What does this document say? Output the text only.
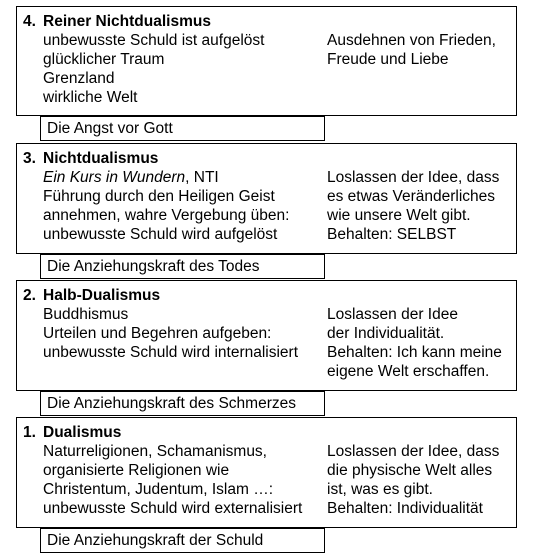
4. Reiner Nichtdualismus
unbewusste Schuld ist aufgelöst
glücklicher Traum
Grenzland
wirkliche Welt
Ausdehnen von Frieden,
Freude und Liebe
Die Angst vor Gott
3. Nichtdualismus
Ein Kurs in Wundern, NTI
Führung durch den Heiligen Geist
annehmen, wahre Vergebung üben:
unbewusste Schuld wird aufgelöst
Loslassen der Idee, dass
es etwas Veränderliches
wie unsere Welt gibt.
Behalten: SELBST
Die Anziehungskraft des Todes
2. Halb-Dualismus
Buddhismus
Urteilen und Begehren aufgeben:
unbewusste Schuld wird internalisiert
Loslassen der Idee
der Individualität.
Behalten: Ich kann meine
eigene Welt erschaffen.
Die Anziehungskraft des Schmerzes
1. Dualismus
Naturreligionen, Schamanismus,
organisierte Religionen wie
Christentum, Judentum, Islam …:
unbewusste Schuld wird externalisiert
Loslassen der Idee, dass
die physische Welt alles
ist, was es gibt.
Behalten: Individualität
Die Anziehungskraft der Schuld
